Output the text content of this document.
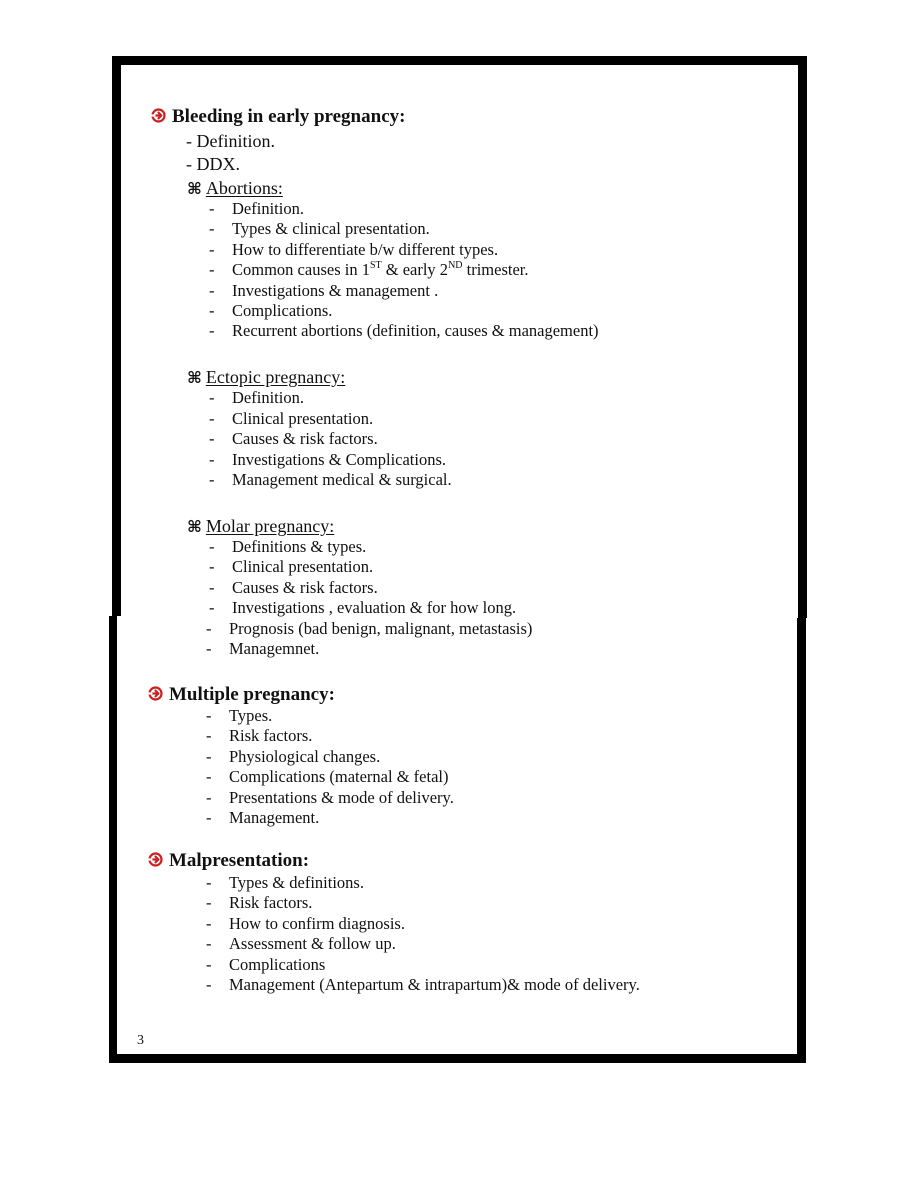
Bleeding in early pregnancy:
- Definition.
- DDX.
⌘ Abortions:
- Definition.
- Types & clinical presentation.
- How to differentiate b/w different types.
- Common causes in 1ST & early 2ND trimester.
- Investigations & management .
- Complications.
- Recurrent abortions (definition, causes & management)
⌘ Ectopic pregnancy:
- Definition.
- Clinical presentation.
- Causes & risk factors.
- Investigations & Complications.
- Management medical & surgical.
⌘ Molar pregnancy:
- Definitions & types.
- Clinical presentation.
- Causes & risk factors.
- Investigations , evaluation & for how long.
- Prognosis (bad benign, malignant, metastasis)
- Managemnet.
Multiple pregnancy:
- Types.
- Risk factors.
- Physiological changes.
- Complications (maternal & fetal)
- Presentations & mode of delivery.
- Management.
Malpresentation:
- Types & definitions.
- Risk factors.
- How to confirm diagnosis.
- Assessment & follow up.
- Complications
- Management (Antepartum & intrapartum)& mode of delivery.
3
